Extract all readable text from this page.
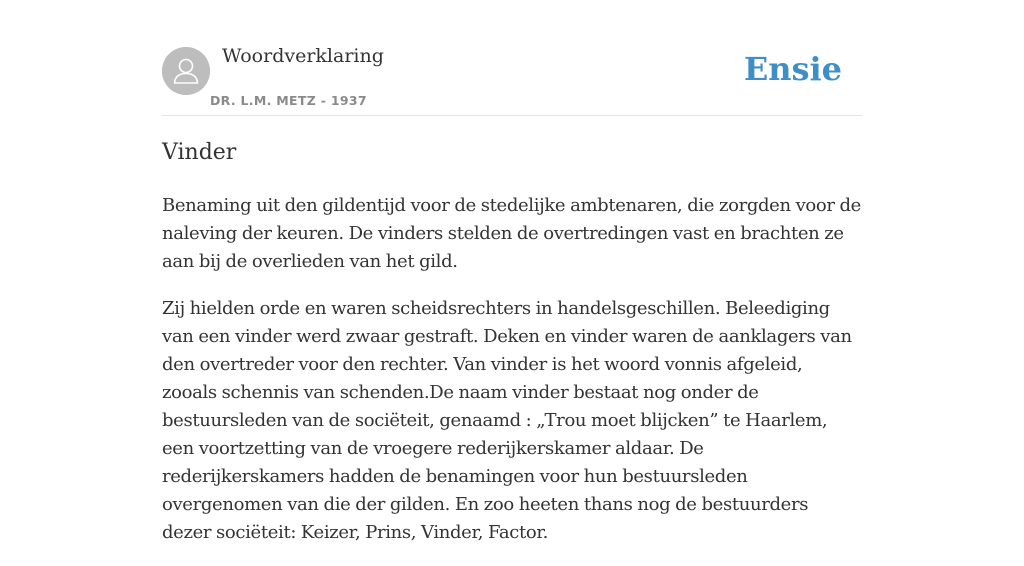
Woordverklaring
DR. L.M. METZ - 1937
Ensie
Vinder

Benaming uit den gildentijd voor de stedelijke ambtenaren, die zorgden voor de naleving der keuren. De vinders stelden de overtredingen vast en brachten ze aan bij de overlieden van het gild.

Zij hielden orde en waren scheidsrechters in handelsgeschillen. Beleediging van een vinder werd zwaar gestraft. Deken en vinder waren de aanklagers van den overtreder voor den rechter. Van vinder is het woord vonnis afgeleid, zooals schennis van schenden.De naam vinder bestaat nog onder de bestuursleden van de sociëteit, genaamd : „Trou moet blijcken” te Haarlem, een voortzetting van de vroegere rederijkerskamer aldaar. De rederijkerskamers hadden de benamingen voor hun bestuursleden overgenomen van die der gilden. En zoo heeten thans nog de bestuurders dezer sociëteit: Keizer, Prins, Vinder, Factor.
